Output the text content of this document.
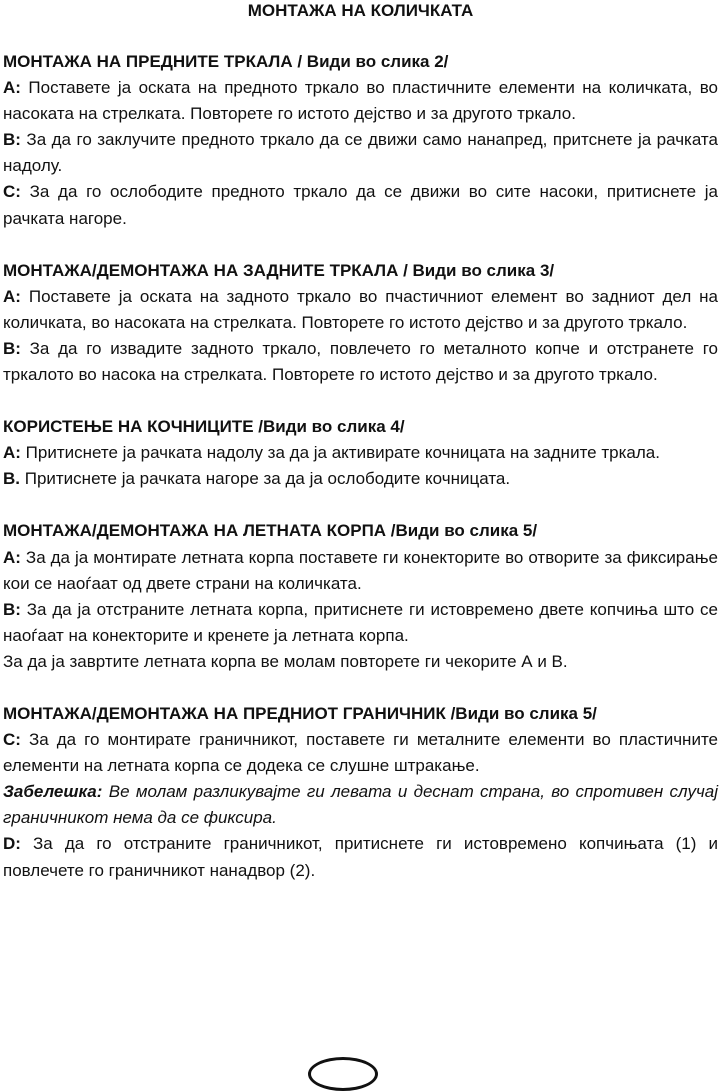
МОНТАЖА НА КОЛИЧКАТА
МОНТАЖА НА ПРЕДНИТЕ ТРКАЛА / Види во слика 2/

A: Поставете ја оската на предното тркало во пластичните елементи на количката, во насоката на стрелката. Повторете го истото дејство и за другото тркало.

B: За да го заклучите предното тркало да се движи само нанапред, притснете ја рачката надолу.

C: За да го ослободите предното тркало да се движи во сите насоки, притиснете ја рачката нагоре.

МОНТАЖА/ДЕМОНТАЖА НА ЗАДНИТЕ ТРКАЛА / Види во слика 3/

A: Поставете ја оската на задното тркало во пчастичниот елемент во задниот дел на количката, во насоката на стрелката. Повторете го истото дејство и за другото тркало.

B: За да го извадите задното тркало, повлечето го металното копче и отстранете го тркалото во насока на стрелката. Повторете го истото дејство и за другото тркало.

КОРИСТЕЊЕ НА КОЧНИЦИТЕ /Види во слика 4/

A: Притиснете ја рачката надолу за да ја активирате кочницата на задните тркала.

B. Притиснете ја рачката нагоре за да ја ослободите кочницата.

МОНТАЖА/ДЕМОНТАЖА НА ЛЕТНАТА КОРПА /Види во слика 5/

A: За да ја монтирате летната корпа поставете ги конекторите во отворите за фиксирање кои се наоѓаат од двете страни на количката.

B: За да ја отстраните летната корпа, притиснете ги истовремено двете копчиња што се наоѓаат на конекторите и кренете ја летната корпа.

За да ја завртите летната корпа ве молам повторете ги чекорите А и В.

МОНТАЖА/ДЕМОНТАЖА НА ПРЕДНИОТ ГРАНИЧНИК /Види во слика 5/

C: За да го монтирате граничникот, поставете ги металните елементи во пластичните елементи на летната корпа се додека се слушне штракање.

Забелешка: Ве молам разликувајте ги левата и деснат страна, во спротивен случај граничникот нема да се фиксира.

D: За да го отстраните граничникот, притиснете ги истовремено копчињата (1) и повлечете го граничникот нанадвор (2).
